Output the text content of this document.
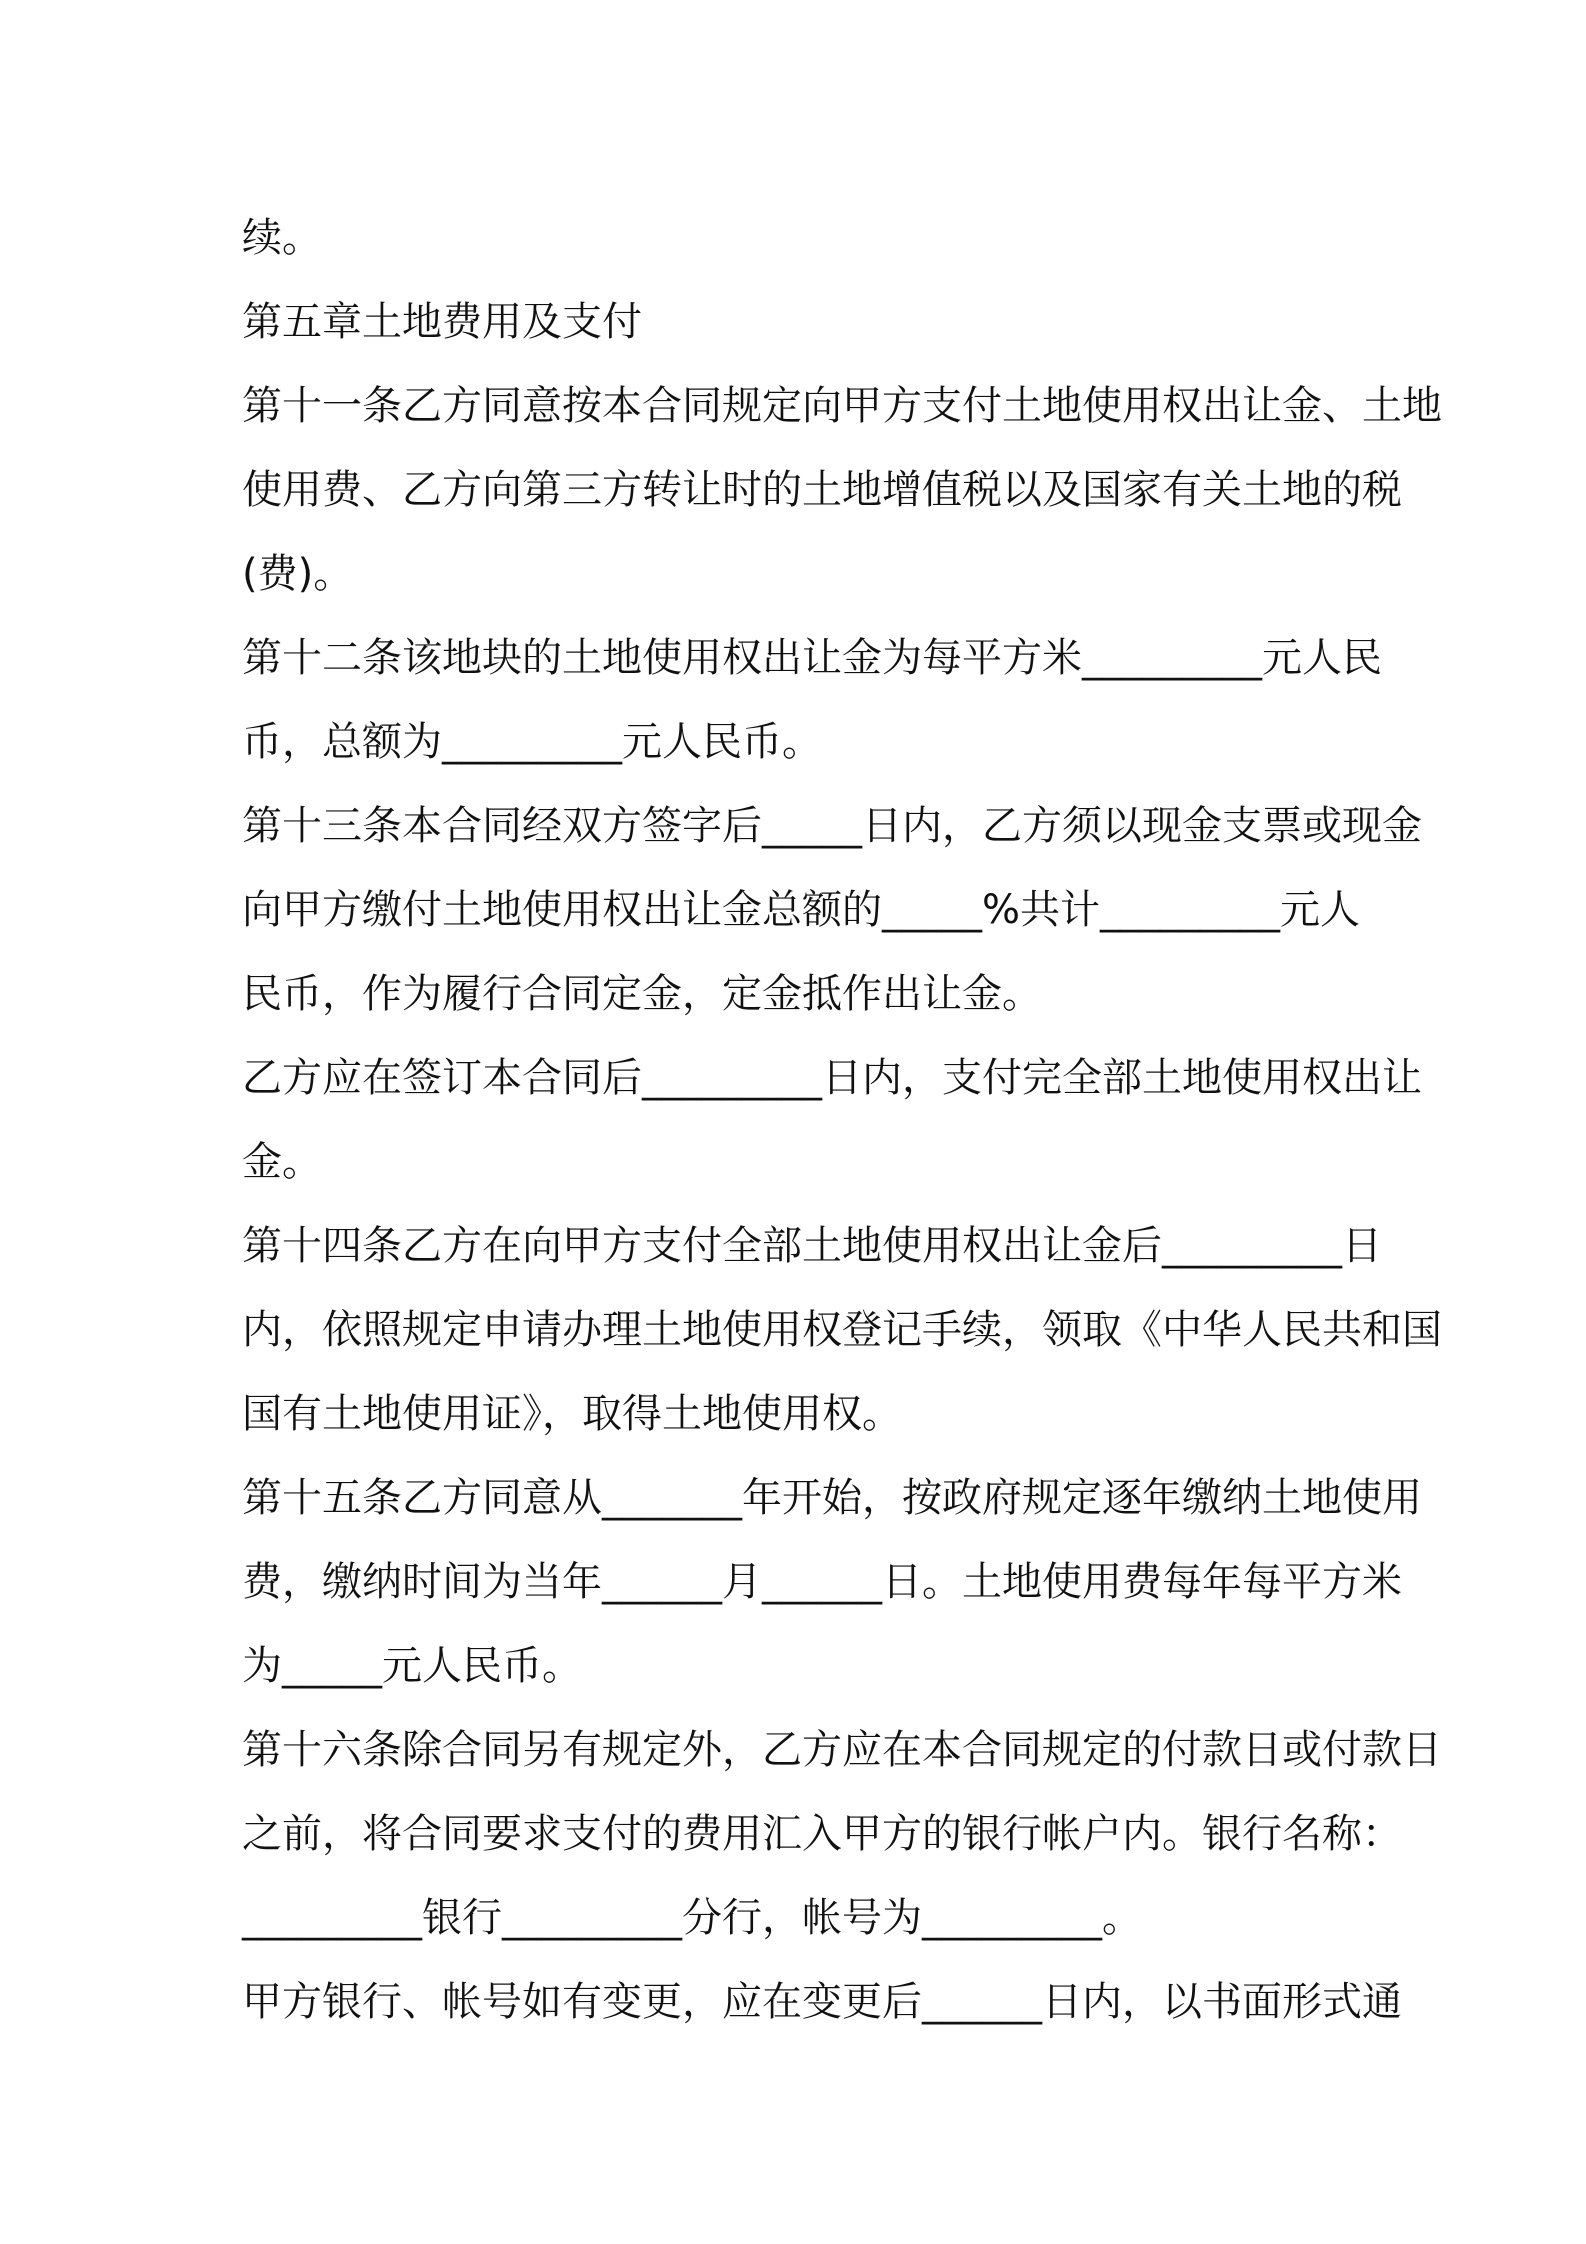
续。
第五章土地费用及支付
第十一条乙方同意按本合同规定向甲方支付土地使用权出让金、土地
使用费、乙方向第三方转让时的土地增值税以及国家有关土地的税
(费)。
第十二条该地块的土地使用权出让金为每平方米_________元人民
币，总额为_________元人民币。
第十三条本合同经双方签字后_____日内，乙方须以现金支票或现金
向甲方缴付土地使用权出让金总额的_____%共计_________元人
民币，作为履行合同定金，定金抵作出让金。
乙方应在签订本合同后_________日内，支付完全部土地使用权出让
金。
第十四条乙方在向甲方支付全部土地使用权出让金后_________日
内，依照规定申请办理土地使用权登记手续，领取《中华人民共和国
国有土地使用证》，取得土地使用权。
第十五条乙方同意从_______年开始，按政府规定逐年缴纳土地使用
费，缴纳时间为当年______月______日。土地使用费每年每平方米
为_____元人民币。
第十六条除合同另有规定外，乙方应在本合同规定的付款日或付款日
之前，将合同要求支付的费用汇入甲方的银行帐户内。银行名称：
_________银行_________分行，帐号为_________。
甲方银行、帐号如有变更，应在变更后______日内，以书面形式通
